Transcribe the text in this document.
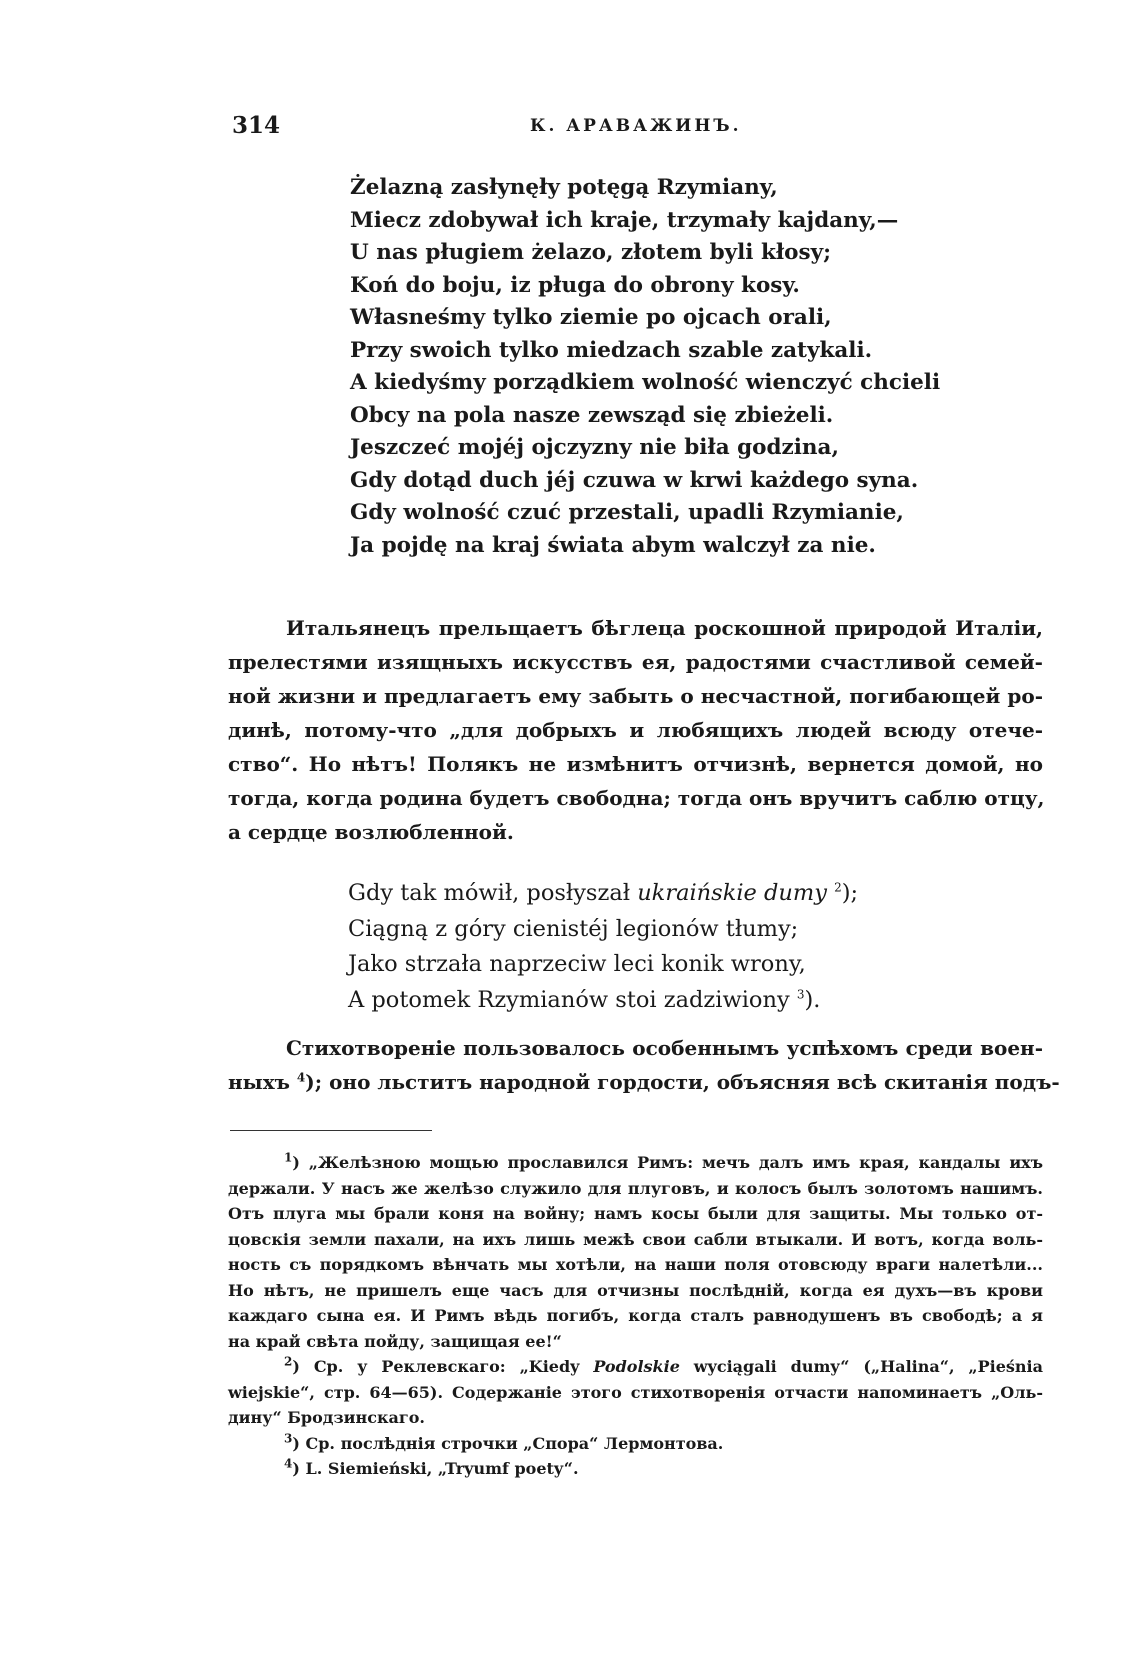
314	К. АРАВАЖИНЪ.
Żelazną zasłynęły potęgą Rzymiany,
Miecz zdobywał ich kraje, trzymały kajdany,—
U nas pługiem żelazo, złotem byli kłosy;
Koń do boju, iz pługa do obrony kosy.
Własneśmy tylko ziemie po ojcach orali,
Przy swoich tylko miedzach szable zatykali.
A kiedyśmy porządkiem wolność wienczyć chcieli
Obcy na pola nasze zewsząd się zbieżeli.
Jeszczeć mojéj ojczyzny nie biła godzina,
Gdy dotąd duch jéj czuwa w krwi każdego syna.
Gdy wolność czuć przestali, upadli Rzymianie,
Ja pojdę na kraj świata abym walczył za nie.
Итальянецъ прельщаетъ бѣглеца роскошной природой Италіи,
прелестями изящныхъ искусствъ ея, радостями счастливой семей-
ной жизни и предлагаетъ ему забыть о несчастной, погибающей ро-
динѣ, потому-что „для добрыхъ и любящихъ людей всюду отече-
ство“. Но нѣтъ! Полякъ не измѣнитъ отчизнѣ, вернется домой, но
тогда, когда родина будетъ свободна; тогда онъ вручитъ саблю отцу,
а сердце возлюбленной.
Gdy tak mówił, posłyszał ukraińskie dumy $^2$);
Ciągną z góry cienistéj legionów tłumy;
Jako strzała naprzeciw leci konik wrony,
A potomek Rzymianów stoi zadziwiony $^3$).
Стихотвореніе пользовалось особеннымъ успѣхомъ среди воен-
ныхъ $^4$); оно льститъ народной гордости, объясняя всѣ скитанія подъ-
$^1$) „Желѣзною мощью прославился Римъ: мечъ далъ имъ края, кандалы ихъ
держали. У насъ же желѣзо служило для плуговъ, и колосъ былъ золотомъ нашимъ.
Отъ плуга мы брали коня на войну; намъ косы были для защиты. Мы только от-
цовскія земли пахали, на ихъ лишь межѣ свои сабли втыкали. И вотъ, когда воль-
ность съ порядкомъ вѣнчать мы хотѣли, на наши поля отовсюду враги налетѣли...
Но нѣтъ, не пришелъ еще часъ для отчизны послѣдній, когда ея духъ—въ крови
каждаго сына ея. И Римъ вѣдь погибъ, когда сталъ равнодушенъ въ свободѣ; а я
на край свѣта пойду, защищая ее!“
$^2$) Ср. у Реклевскаго: „Kiedy Podolskie wyciągali dumy“ („Halina“, „Pieśnia
wiejskie“, стр. 64—65). Содержаніе этого стихотворенія отчасти напоминаетъ „Оль-
дину“ Бродзинскаго.
$^3$) Ср. послѣднія строчки „Спора“ Лермонтова.
$^4$) L. Siemieński, „Tryumf poety“.
